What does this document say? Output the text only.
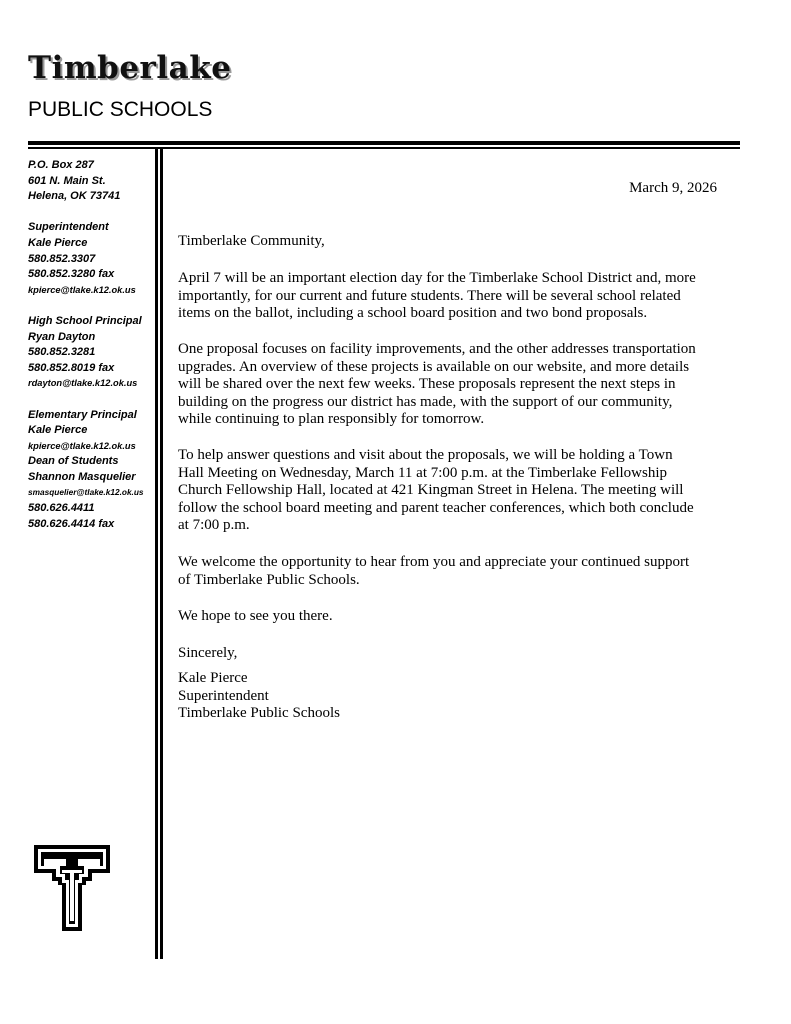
Timberlake
PUBLIC SCHOOLS
P.O. Box 287
601 N. Main St.
Helena, OK 73741
Superintendent
Kale Pierce
580.852.3307
580.852.3280 fax
kpierce@tlake.k12.ok.us
High School Principal
Ryan Dayton
580.852.3281
580.852.8019 fax
rdayton@tlake.k12.ok.us
Elementary Principal
Kale Pierce
kpierce@tlake.k12.ok.us
Dean of Students
Shannon Masquelier
smasquelier@tlake.k12.ok.us
580.626.4411
580.626.4414 fax
March 9, 2026
Timberlake Community,
April 7 will be an important election day for the Timberlake School District and, more
importantly, for our current and future students. There will be several school related
items on the ballot, including a school board position and two bond proposals.
One proposal focuses on facility improvements, and the other addresses transportation
upgrades. An overview of these projects is available on our website, and more details
will be shared over the next few weeks. These proposals represent the next steps in
building on the progress our district has made, with the support of our community,
while continuing to plan responsibly for tomorrow.
To help answer questions and visit about the proposals, we will be holding a Town
Hall Meeting on Wednesday, March 11 at 7:00 p.m. at the Timberlake Fellowship
Church Fellowship Hall, located at 421 Kingman Street in Helena. The meeting will
follow the school board meeting and parent teacher conferences, which both conclude
at 7:00 p.m.
We welcome the opportunity to hear from you and appreciate your continued support
of Timberlake Public Schools.
We hope to see you there.
Sincerely,
Kale Pierce
Superintendent
Timberlake Public Schools
